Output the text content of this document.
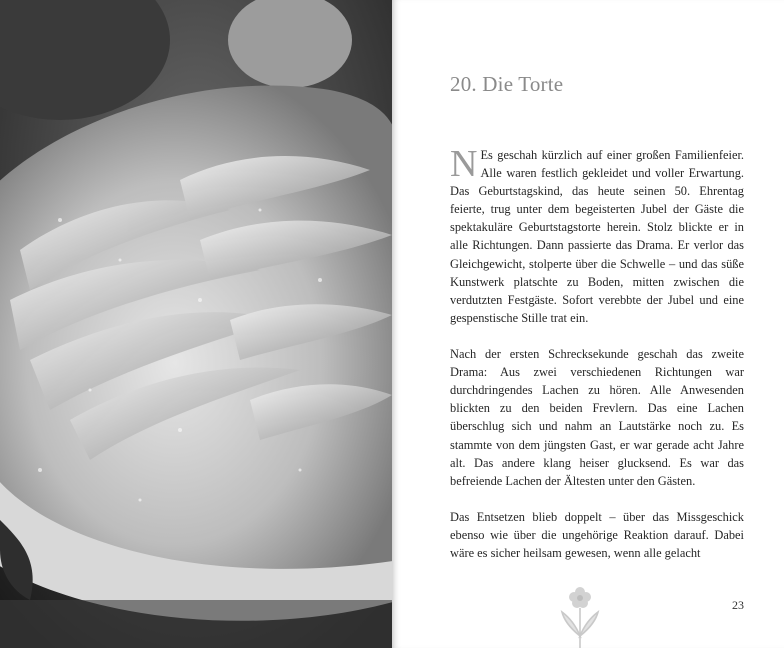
20. Die Torte

N Es geschah kürzlich auf einer großen Familienfeier. Alle waren festlich gekleidet und voller Erwartung. Das Geburtstagskind, das heute seinen 50. Ehrentag feierte, trug unter dem begeisterten Jubel der Gäste die spektakuläre Geburtstagstorte herein. Stolz blickte er in alle Richtungen. Dann passierte das Drama. Er verlor das Gleichgewicht, stolperte über die Schwelle – und das süße Kunstwerk platschte zu Boden, mitten zwischen die verdutzten Festgäste. Sofort verebbte der Jubel und eine gespenstische Stille trat ein.

Nach der ersten Schrecksekunde geschah das zweite Drama: Aus zwei verschiedenen Richtungen war durchdringendes Lachen zu hören. Alle Anwesenden blickten zu den beiden Frevlern. Das eine Lachen überschlug sich und nahm an Lautstärke noch zu. Es stammte von dem jüngsten Gast, er war gerade acht Jahre alt. Das andere klang heiser glucksend. Es war das befreiende Lachen der Ältesten unter den Gästen.

Das Entsetzen blieb doppelt – über das Missgeschick ebenso wie über die ungehörige Reaktion darauf. Dabei wäre es sicher heilsam gewesen, wenn alle gelacht

23
